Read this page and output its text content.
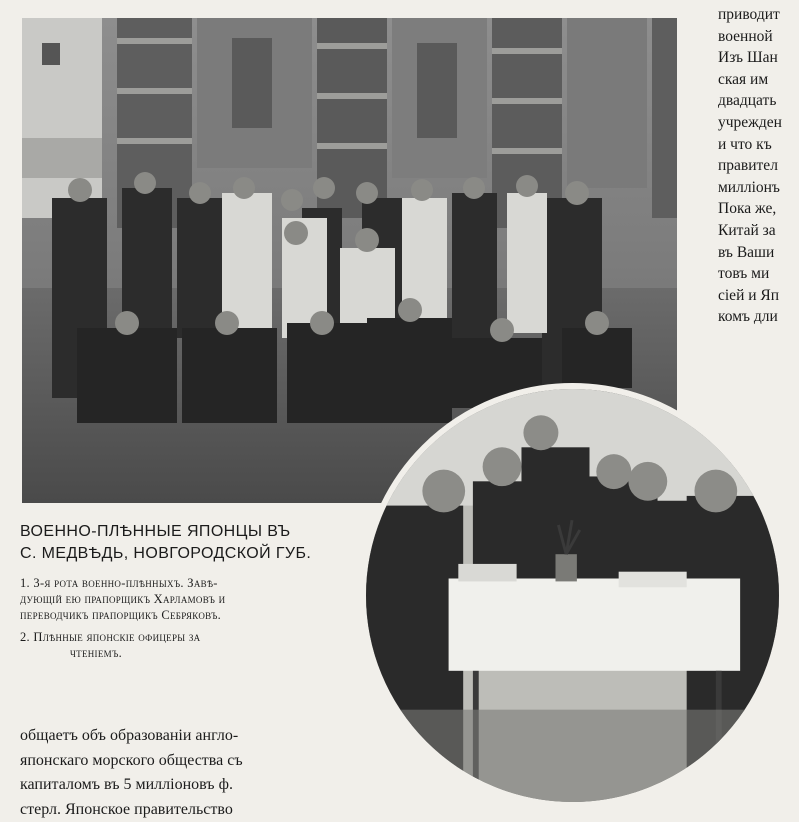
приводит
военной
Изъ Шан
ская им
двадцать
учрежден
и что къ
правител
милліонъ
Пока же,
Китай за
въ Ваши
товъ ми
сіей и Яп
комъ дли
ВОЕННО-ПЛѢННЫЕ ЯПОНЦЫ ВЪ
С. МЕДВѢДЬ, НОВГОРОДСКОЙ ГУБ.
1. 3-я рота военно-плѣнныхъ. Завѣ-
дующій ею прапорщикъ Харламовъ и
переводчикъ прапорщикъ Себряковъ.
2. Плѣнные японскіе офицеры за
чтеніемъ.
общаетъ объ образованіи англо-
японскаго морского общества съ
капиталомъ въ 5 милліоновъ ф.
стерл. Японское правительство
